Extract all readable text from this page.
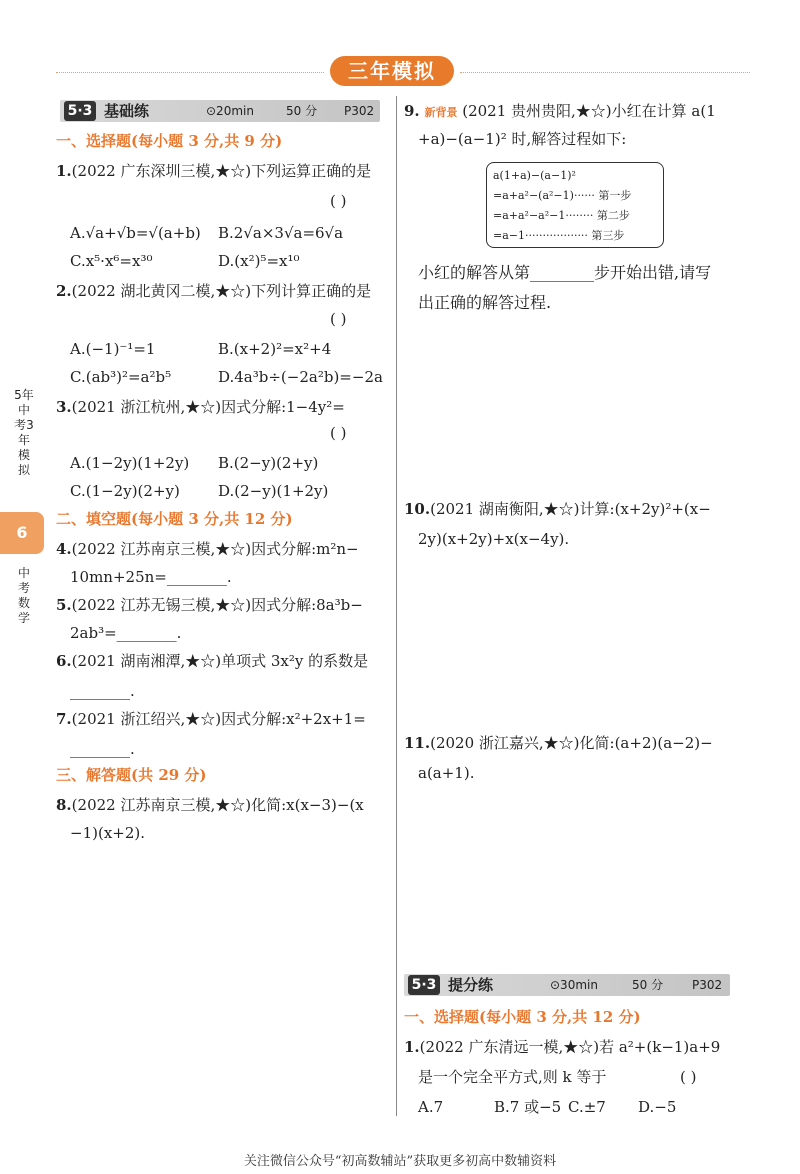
三年模拟
5年中考3年模拟
6
中考数学
5·3 基础练	⊙20min	50 分 P302
一、选择题(每小题 3 分,共 9 分)
1.(2022 广东深圳三模,★☆)下列运算正确的是
( )
A.√a+√b=√(a+b) B.2√a×3√a=6√a
C.x⁵·x⁶=x³⁰	D.(x²)⁵=x¹⁰
2.(2022 湖北黄冈二模,★☆)下列计算正确的是
( )
A.(−1)⁻¹=1	B.(x+2)²=x²+4
C.(ab³)²=a²b⁵	D.4a³b÷(−2a²b)=−2a
3.(2021 浙江杭州,★☆)因式分解:1−4y²=
( )
A.(1−2y)(1+2y) B.(2−y)(2+y)
C.(1−2y)(2+y)	D.(2−y)(1+2y)
二、填空题(每小题 3 分,共 12 分)
4.(2022 江苏南京三模,★☆)因式分解:m²n−
10mn+25n=________.
5.(2022 江苏无锡三模,★☆)因式分解:8a³b−
2ab³=________.
6.(2021 湖南湘潭,★☆)单项式 3x²y 的系数是
________.
7.(2021 浙江绍兴,★☆)因式分解:x²+2x+1=
________.
三、解答题(共 29 分)
8.(2022 江苏南京三模,★☆)化简:x(x−3)−(x
−1)(x+2).
9. 新背景 (2021 贵州贵阳,★☆)小红在计算 a(1
+a)−(a−1)² 时,解答过程如下:
a(1+a)−(a−1)²
=a+a²−(a²−1)······ 第一步
=a+a²−a²−1········ 第二步
=a−1·················· 第三步
小红的解答从第________步开始出错,请写
出正确的解答过程.
10.(2021 湖南衡阳,★☆)计算:(x+2y)²+(x−
2y)(x+2y)+x(x−4y).
11.(2020 浙江嘉兴,★☆)化简:(a+2)(a−2)−
a(a+1).
5·3 提分练	⊙30min	50 分 P302
一、选择题(每小题 3 分,共 12 分)
1.(2022 广东清远一模,★☆)若 a²+(k−1)a+9
是一个完全平方式,则 k 等于	( )
A.7	B.7 或−5 C.±7 D.−5
关注微信公众号“初高数辅站”获取更多初高中数辅资料
